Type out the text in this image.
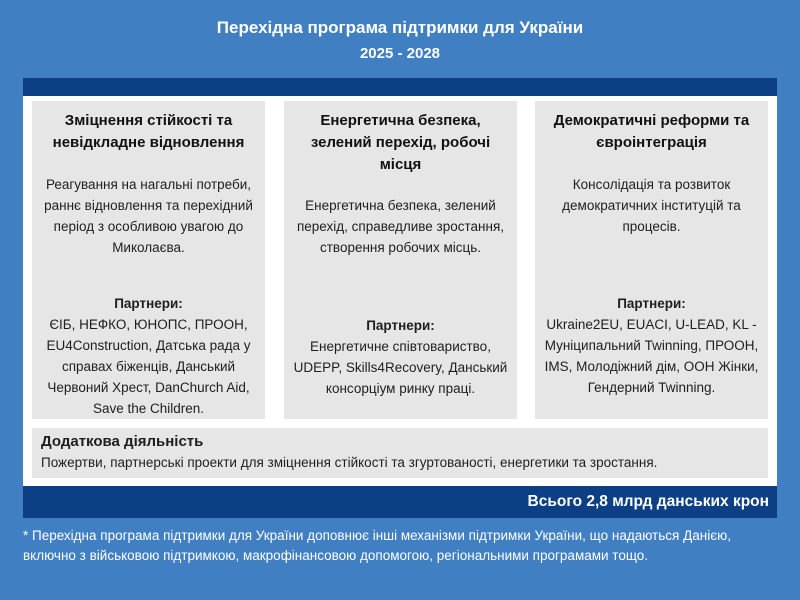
Перехідна програма підтримки для України
2025 - 2028
Зміцнення стійкості та невідкладне відновлення
Реагування на нагальні потреби, раннє відновлення та перехідний період з особливою увагою до Миколаєва.
Партнери:
ЄІБ, НЕФКО, ЮНОПС, ПРООН, EU4Construction, Датська рада у справах біженців, Данський Червоний Хрест, DanChurch Aid, Save the Children.
Енергетична безпека, зелений перехід, робочі місця
Енергетична безпека, зелений перехід, справедливе зростання, створення робочих місць.
Партнери:
Енергетичне співтовариство, UDEPP, Skills4Recovery, Данський консорціум ринку праці.
Демократичні реформи та євроінтеграція
Консолідація та розвиток демократичних інституцій та процесів.
Партнери:
Ukraine2EU, EUACI, U-LEAD, KL - Муніципальний Twinning, ПРООН, IMS, Молодіжний дім, ООН Жінки, Гендерний Twinning.
Додаткова діяльність
Пожертви, партнерські проекти для зміцнення стійкості та згуртованості, енергетики та зростання.
Всього 2,8 млрд данських крон
* Перехідна програма підтримки для України доповнює інші механізми підтримки України, що надаються Данією, включно з військовою підтримкою, макрофінансовою допомогою, регіональними програмами тощо.
